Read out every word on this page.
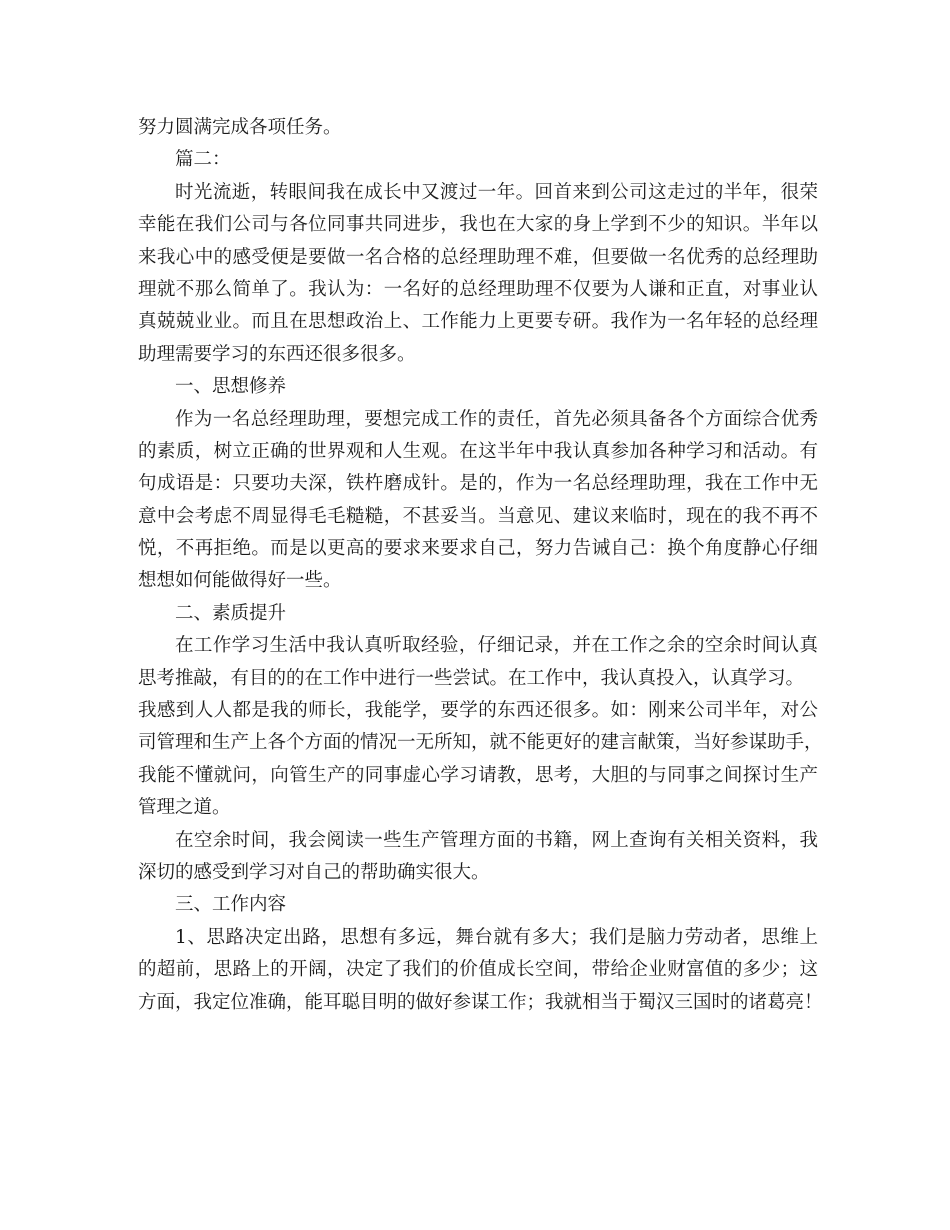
努力圆满完成各项任务。

篇二：

时光流逝，转眼间我在成长中又渡过一年。回首来到公司这走过的半年，很荣

幸能在我们公司与各位同事共同进步，我也在大家的身上学到不少的知识。半年以

来我心中的感受便是要做一名合格的总经理助理不难，但要做一名优秀的总经理助

理就不那么简单了。我认为：一名好的总经理助理不仅要为人谦和正直，对事业认

真兢兢业业。而且在思想政治上、工作能力上更要专研。我作为一名年轻的总经理

助理需要学习的东西还很多很多。

一、思想修养

作为一名总经理助理，要想完成工作的责任，首先必须具备各个方面综合优秀

的素质，树立正确的世界观和人生观。在这半年中我认真参加各种学习和活动。有

句成语是：只要功夫深，铁杵磨成针。是的，作为一名总经理助理，我在工作中无

意中会考虑不周显得毛毛糙糙，不甚妥当。当意见、建议来临时，现在的我不再不

悦，不再拒绝。而是以更高的要求来要求自己，努力告诫自己：换个角度静心仔细

想想如何能做得好一些。

二、素质提升

在工作学习生活中我认真听取经验，仔细记录，并在工作之余的空余时间认真

思考推敲，有目的的在工作中进行一些尝试。在工作中，我认真投入，认真学习。

我感到人人都是我的师长，我能学，要学的东西还很多。如：刚来公司半年，对公

司管理和生产上各个方面的情况一无所知，就不能更好的建言献策，当好参谋助手，

我能不懂就问，向管生产的同事虚心学习请教，思考，大胆的与同事之间探讨生产

管理之道。

在空余时间，我会阅读一些生产管理方面的书籍，网上查询有关相关资料，我

深切的感受到学习对自己的帮助确实很大。

三、工作内容

1、思路决定出路，思想有多远，舞台就有多大；我们是脑力劳动者，思维上

的超前，思路上的开阔，决定了我们的价值成长空间，带给企业财富值的多少；这

方面，我定位准确，能耳聪目明的做好参谋工作；我就相当于蜀汉三国时的诸葛亮！
